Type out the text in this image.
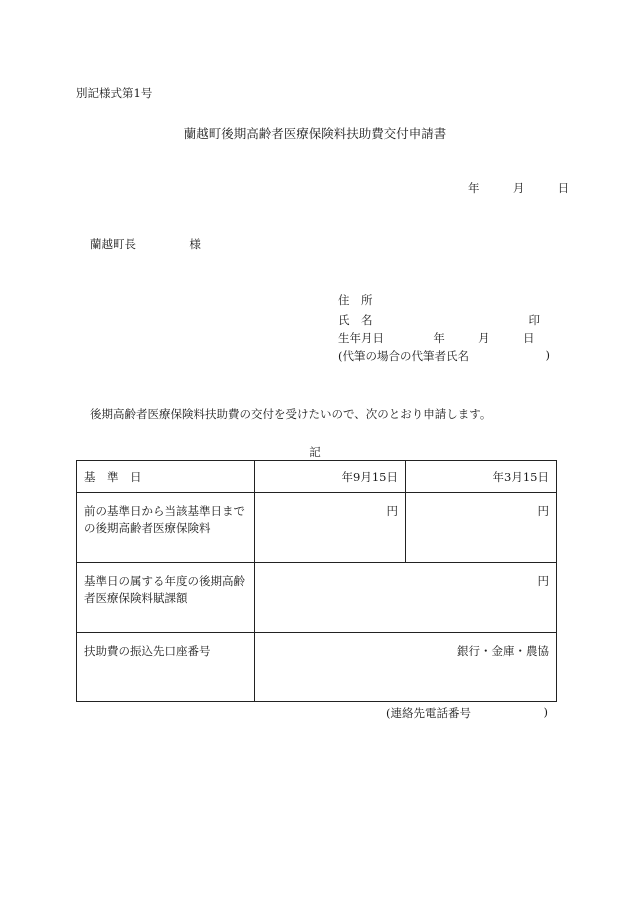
別記様式第1号
蘭越町後期高齢者医療保険料扶助費交付申請書
年	月	日
蘭越町長	様
住　所
氏　名	印
生年月日	年	月	日
(代筆の場合の代筆者氏名	)
後期高齢者医療保険料扶助費の交付を受けたいので、次のとおり申請します。
記
基　準　日	年9月15日	年3月15日
前の基準日から当該基準日までの後期高齢者医療保険料	円	円
基準日の属する年度の後期高齢者医療保険料賦課額	円	
扶助費の振込先口座番号	銀行・金庫・農協	
(連絡先電話番号	)
